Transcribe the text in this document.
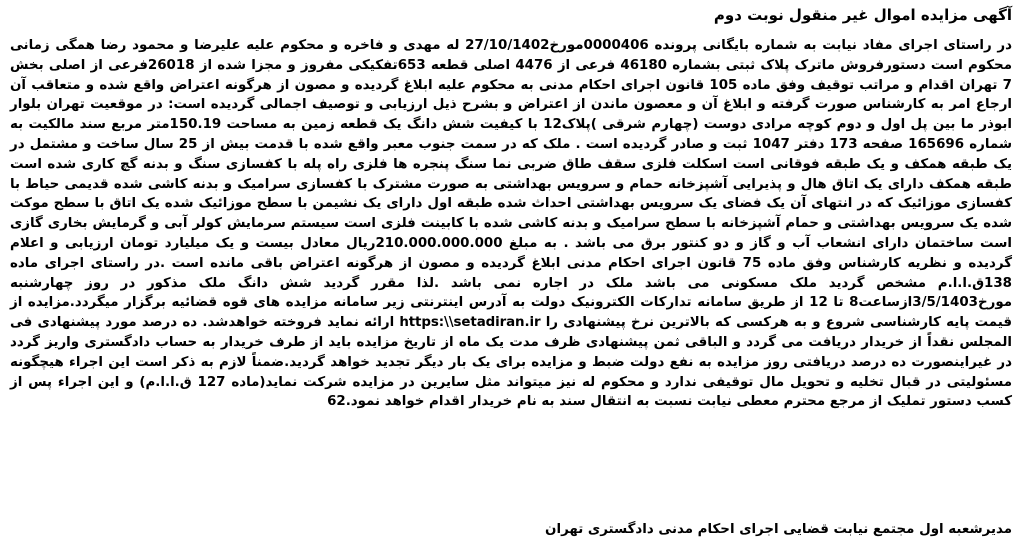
آگهی مزایده اموال غیر منقول نوبت دوم
در راستای اجرای مفاد نیابت به شماره بایگانی پرونده 0000406مورخ27/10/1402 له مهدی و فاخره و محکوم علیه علیرضا و محمود رضا همگی زمانی محکوم است دستورفروش ماترک پلاک ثبتی بشماره 46180 فرعی از 4476 اصلی قطعه 653تفکیکی مفروز و مجزا شده از 26018فرعی از اصلی بخش 7 تهران اقدام و مراتب توقیف وفق ماده 105 قانون اجرای احکام مدنی به محکوم علیه ابلاغ گردیده و مصون از هرگونه اعتراض واقع شده و متعاقب آن ارجاع امر به کارشناس صورت گرفته و ابلاغ آن و معصون ماندن از اعتراض و بشرح ذیل ارزیابی و توصیف اجمالی گردیده است: در موقعیت تهران بلوار ابوذر ما بین پل اول و دوم کوچه مرادی دوست (چهارم شرقی )پلاک12 با کیفیت شش دانگ یک قطعه زمین به مساحت 150.19متر مربع سند مالکیت به شماره 165696 صفحه 173 دفتر 1047 ثبت و صادر گردیده است . ملک که در سمت جنوب معبر واقع شده با قدمت بیش از 25 سال ساخت و مشتمل در یک طبقه همکف و یک طبقه فوقانی است اسکلت فلزی سقف طاق ضربی نما سنگ پنجره ها فلزی راه پله با کفسازی سنگ و بدنه گچ کاری شده است طبقه همکف دارای یک اتاق هال و پذیرایی آشپزخانه حمام و سرویس بهداشتی به صورت مشترک با کفسازی سرامیک و بدنه کاشی شده قدیمی حیاط با کفسازی موزائیک که در انتهای آن یک فضای یک سرویس بهداشتی احداث شده طبقه اول دارای یک نشیمن با سطح موزائیک شده یک اتاق با سطح موکت شده یک سرویس بهداشتی و حمام آشپزخانه با سطح سرامیک و بدنه کاشی شده با کابینت فلزی است سیستم سرمایش کولر آبی و گرمایش بخاری گازی است ساختمان دارای انشعاب آب و گاز و دو کنتور برق می باشد . به مبلغ 210.000.000.000ریال معادل بیست و یک میلیارد تومان ارزیابی و اعلام گردیده و نظریه کارشناس وفق ماده 75 قانون اجرای احکام مدنی ابلاغ گردیده و مصون از هرگونه اعتراض باقی مانده است .در راستای اجرای ماده 138ق.ا.ا.م مشخص گردید ملک مسکونی می باشد ملک در اجاره نمی باشد .لذا مقرر گردید شش دانگ ملک مذکور در روز چهارشنبه مورخ3/5/1403ازساعت8 تا 12 از طریق سامانه تدارکات الکترونیک دولت به آدرس اینترنتی زیر سامانه مزایده های قوه قضائیه برگزار میگردد.مزایده از قیمت پایه کارشناسی شروع و به هرکسی که بالاترین نرخ پیشنهادی را https:\\setadiran.ir ارائه نماید فروخته خواهدشد. ده درصد مورد پیشنهادی فی المجلس نقداً از خریدار دریافت می گردد و الباقی ثمن پیشنهادی ظرف مدت یک ماه از تاریخ مزایده باید از طرف خریدار به حساب دادگستری واریز گردد در غیراینصورت ده درصد دریافتی روز مزایده به نفع دولت ضبط و مزایده برای یک بار دیگر تجدید خواهد گردید.ضمناً لازم به ذکر است این اجراء هیچگونه مسئولیتی در قبال تخلیه و تحویل مال توقیفی ندارد و محکوم له نیز میتواند مثل سایرین در مزایده شرکت نماید(ماده 127 ق.ا.ا.م) و این اجراء پس از کسب دستور تملیک از مرجع محترم معطی نیابت نسبت به انتقال سند به نام خریدار اقدام خواهد نمود.62
مدیرشعبه اول مجتمع نیابت قضایی اجرای احکام مدنی دادگستری تهران
